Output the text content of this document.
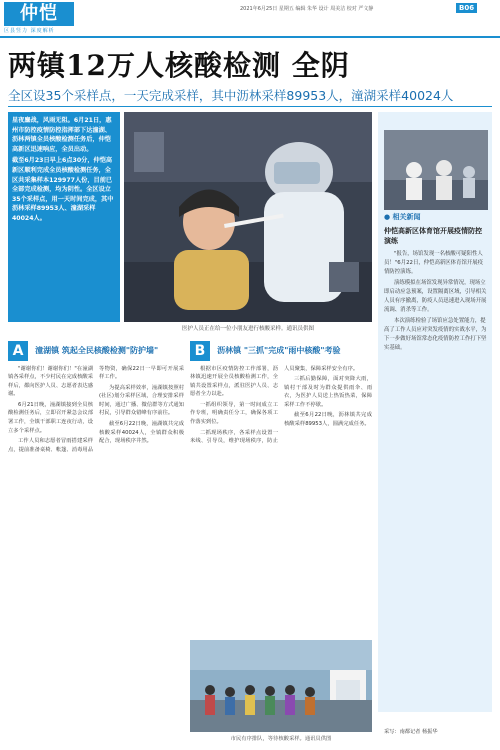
仲恺
区县竖力 深度解析
2021年6月25日 星期五 编辑 朱华 设计 周美洁 校对 严文静	B06
两镇12万人核酸检测 全阴
全区设35个采样点，一天完成采样，其中沥林采样89953人，潼湖采样40024人

星夜鏖战，风雨无阻。6月21日，惠州市防控疫情防控指挥部下达潼湖、沥林两镇全员核酸检测任务后，仲恺高新区迅速响应，全员出动。

截至6月23日早上6点30分，仲恺高新区顺利完成全员核酸检测任务，全区共采集样本129977人份，目前已全部完成检测，均为阴性。全区设立35个采样点，用一天时间完成，其中沥林采样89953人、潼湖采样40024人。

医护人员正在给一位小朋友进行核酸采样。通讯员供图
● 相关新闻
仲恺高新区体育馆开展疫情防控演练

"报告，场馆发现一名核酸可疑阳性人员！"6月22日，仲恺高新区体育馆开展疫情防控演练。

演练模拟在场馆发现异常情况，现场立即启动应急预案，设置隔离区域，引导相关人员有序撤离，防疫人员迅速进入现场开展流调、消杀等工作。

本次演练检验了场馆应急处置能力，提高了工作人员应对突发疫情的实战水平，为下一步做好场馆常态化疫情防控工作打下坚实基础。

采写：南都记者 杨振华
A 潼湖镇 筑起全民核酸检测"防护墙"

"谢谢你们！谢谢你们！"在潼湖镇各采样点，不少村民在完成核酸采样后，都向医护人员、志愿者表达感谢。

6月21日晚，潼湖镇接到全员核酸检测任务后，立即召开紧急会议部署工作，全镇干部职工连夜行动，设立多个采样点。

工作人员和志愿者冒雨搭建采样点，提前准备桌椅、帐篷、消毒用品等物资，确保22日一早即可开展采样工作。

为提高采样效率，潼湖镇按照村(社区)划分采样区域，合理安排采样时间，通过广播、微信群等方式通知村民，引导群众错峰有序前往。

截至6月22日晚，潼湖镇共完成核酸采样40024人，全镇群众积极配合，现场秩序井然。

B 沥林镇 "三抓"完成"雨中核酸"考验

根据市区疫情防控工作部署，沥林镇迅速开展全员核酸检测工作，全镇共设置采样点，派驻医护人员、志愿者全力以赴。

一抓组织领导，第一时间成立工作专班，明确责任分工，确保各项工作落实到位。

二抓现场秩序，各采样点设置一米线、引导员，维护现场秩序，防止人员聚集，保障采样安全有序。

三抓后勤保障，面对突降大雨，镇村干部及时为群众提供雨伞、雨衣，为医护人员送上热饭热菜，保障采样工作不停歇。

截至6月22日晚，沥林镇共完成核酸采样89953人，圆满完成任务。

市民有序排队，等待核酸采样。通讯员供图
